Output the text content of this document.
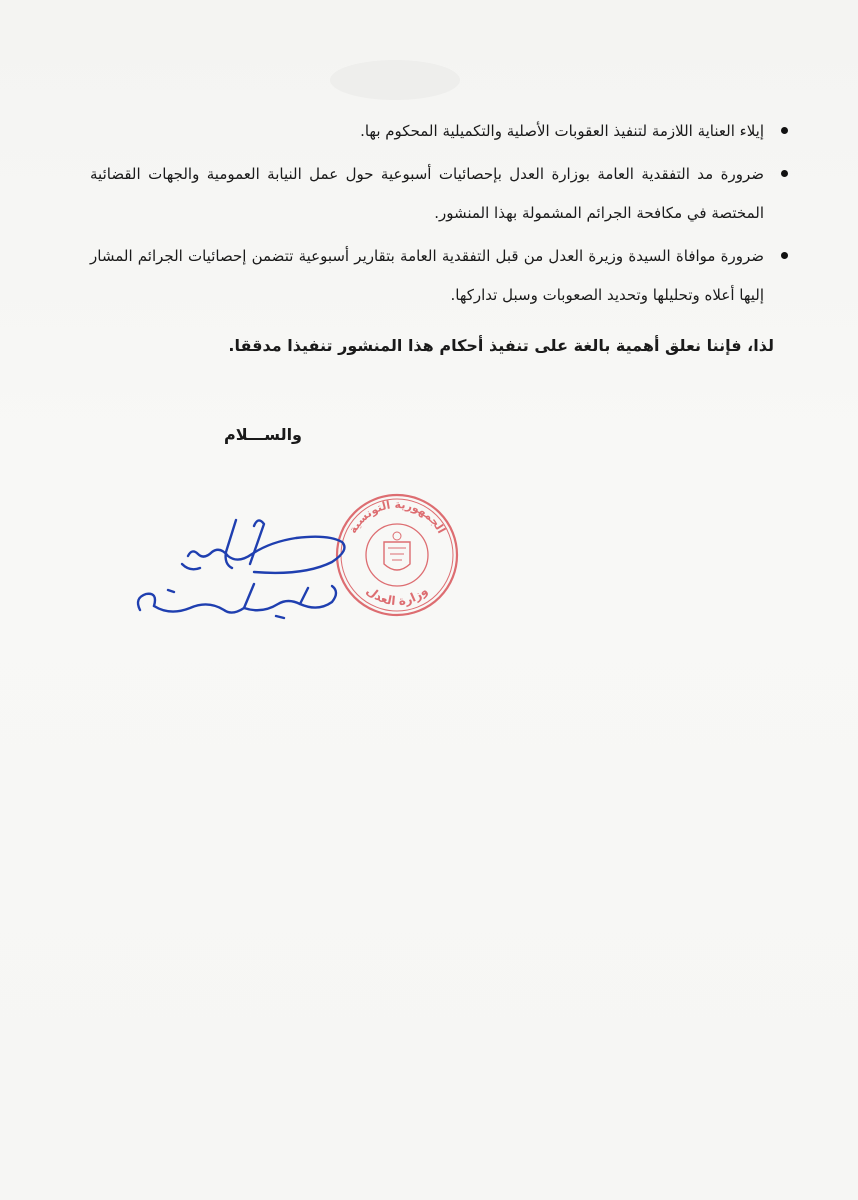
إيلاء العناية اللازمة لتنفيذ العقوبات الأصلية والتكميلية المحكوم بها.
ضرورة مد التفقدية العامة بوزارة العدل بإحصائيات أسبوعية حول عمل النيابة العمومية والجهات القضائية المختصة في مكافحة الجرائم المشمولة بهذا المنشور.
ضرورة موافاة السيدة وزيرة العدل من قبل التفقدية العامة بتقارير أسبوعية تتضمن إحصائيات الجرائم المشار إليها أعلاه وتحليلها وتحديد الصعوبات وسبل تداركها.
لذا، فإننا نعلق أهمية بالغة على تنفيذ أحكام هذا المنشور تنفيذا مدققا.
والســـلام
الجمهورية التونسية
وزارة العدل
